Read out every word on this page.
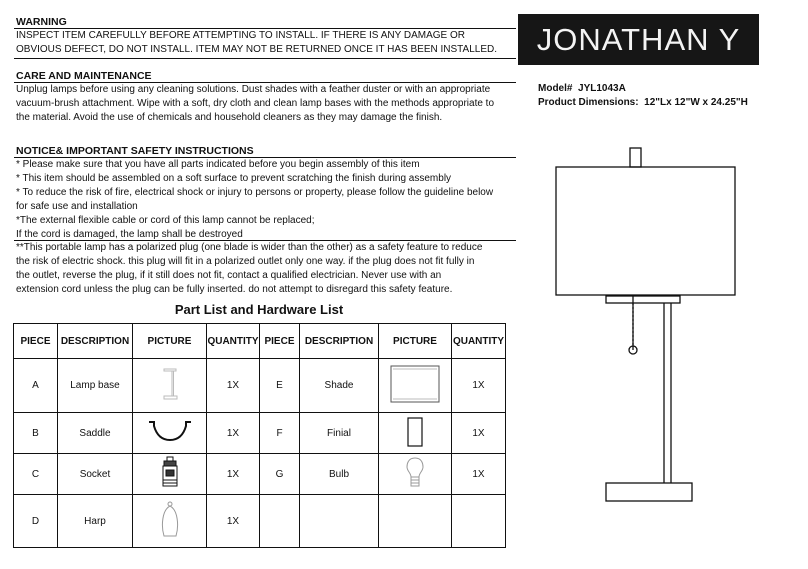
WARNING
INSPECT ITEM CAREFULLY BEFORE ATTEMPTING TO INSTALL. IF THERE IS ANY DAMAGE OR
OBVIOUS DEFECT, DO NOT INSTALL. ITEM MAY NOT BE RETURNED ONCE IT HAS BEEN INSTALLED.
CARE AND MAINTENANCE
Unplug lamps before using any cleaning solutions. Dust shades with a feather duster or with an appropriate
vacuum-brush attachment. Wipe with a soft, dry cloth and clean lamp bases with the methods appropriate to
the material. Avoid the use of chemicals and household cleaners as they may damage the finish.
NOTICE& IMPORTANT SAFETY INSTRUCTIONS
* Please make sure that you have all parts indicated before you begin assembly of this item
* This item should be assembled on a soft surface to prevent scratching the finish during assembly
* To reduce the risk of fire, electrical shock or injury to persons or property, please follow the guideline below
for safe use and installation
*The external flexible cable or cord of this lamp cannot be replaced;
If the cord is damaged, the lamp shall be destroyed
**This portable lamp has a polarized plug (one blade is wider than the other) as a safety feature to reduce
the risk of electric shock. this plug will fit in a polarized outlet only one way. if the plug does not fit fully in
the outlet, reverse the plug, if it still does not fit, contact a qualified electrician. Never use with an
extension cord unless the plug can be fully inserted. do not attempt to disregard this safety feature.
JONATHAN Y
Model# JYL1043A
Product Dimensions: 12"Lx 12"W x 24.25"H
Part List and Hardware List
PIECE	DESCRIPTION	PICTURE	QUANTITY	PIECE	DESCRIPTION	PICTURE	QUANTITY
A	Lamp base		1X	E	Shade		1X
B	Saddle		1X	F	Finial		1X
C	Socket		1X	G	Bulb		1X
D	Harp		1X				
